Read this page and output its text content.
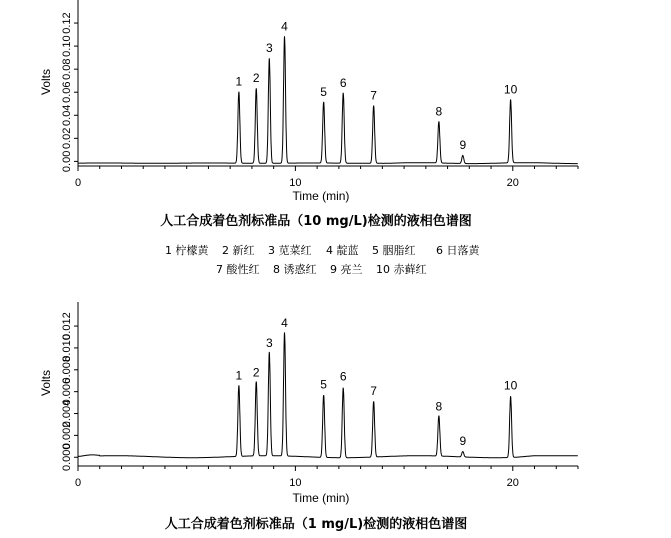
0	10	20
0.00
0.02
0.04
0.06
0.08
0.10
0.12
1 2
3
4
5
6
7
8
9
10
Time (min)
Volts
人工合成着色剂标准品（10 mg/L)检测的液相色谱图
1 柠檬黄 2 新红 3 苋菜红 4 靛蓝 5 胭脂红 6 日落黄
7 酸性红 8 诱惑红 9 亮兰 10 赤藓红
0	10	20
0.000
0.002
0.004
0.006
0.008
0.010
0.012
1 2
3
4
5
6
7
8
9
10
Time (min)
Volts
人工合成着色剂标准品（1 mg/L)检测的液相色谱图
